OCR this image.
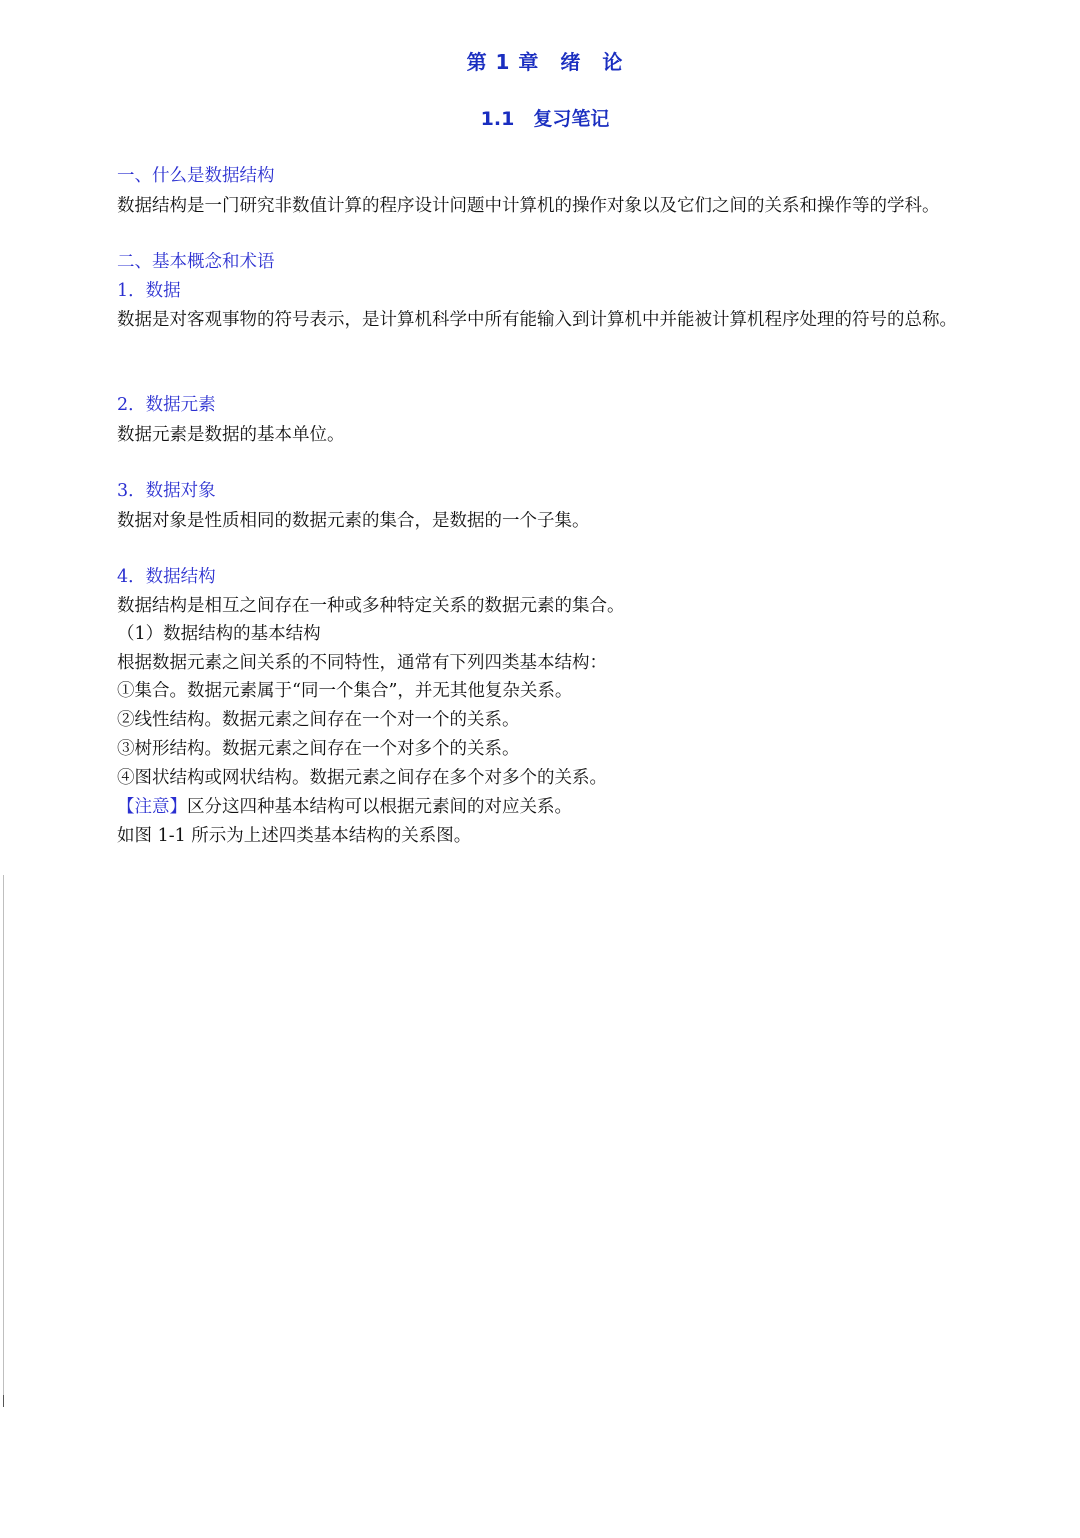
第 1 章　绪　论
1.1　复习笔记
一、什么是数据结构
数据结构是一门研究非数值计算的程序设计问题中计算机的操作对象以及它们之间的关系和操作等的学科。
二、基本概念和术语
1．数据
数据是对客观事物的符号表示，是计算机科学中所有能输入到计算机中并能被计算机程序处理的符号的总称。
2．数据元素
数据元素是数据的基本单位。
3．数据对象
数据对象是性质相同的数据元素的集合，是数据的一个子集。
4．数据结构
数据结构是相互之间存在一种或多种特定关系的数据元素的集合。
（1）数据结构的基本结构
根据数据元素之间关系的不同特性，通常有下列四类基本结构：
①集合。数据元素属于“同一个集合”，并无其他复杂关系。
②线性结构。数据元素之间存在一个对一个的关系。
③树形结构。数据元素之间存在一个对多个的关系。
④图状结构或网状结构。数据元素之间存在多个对多个的关系。
【注意】区分这四种基本结构可以根据元素间的对应关系。
如图 1-1 所示为上述四类基本结构的关系图。
